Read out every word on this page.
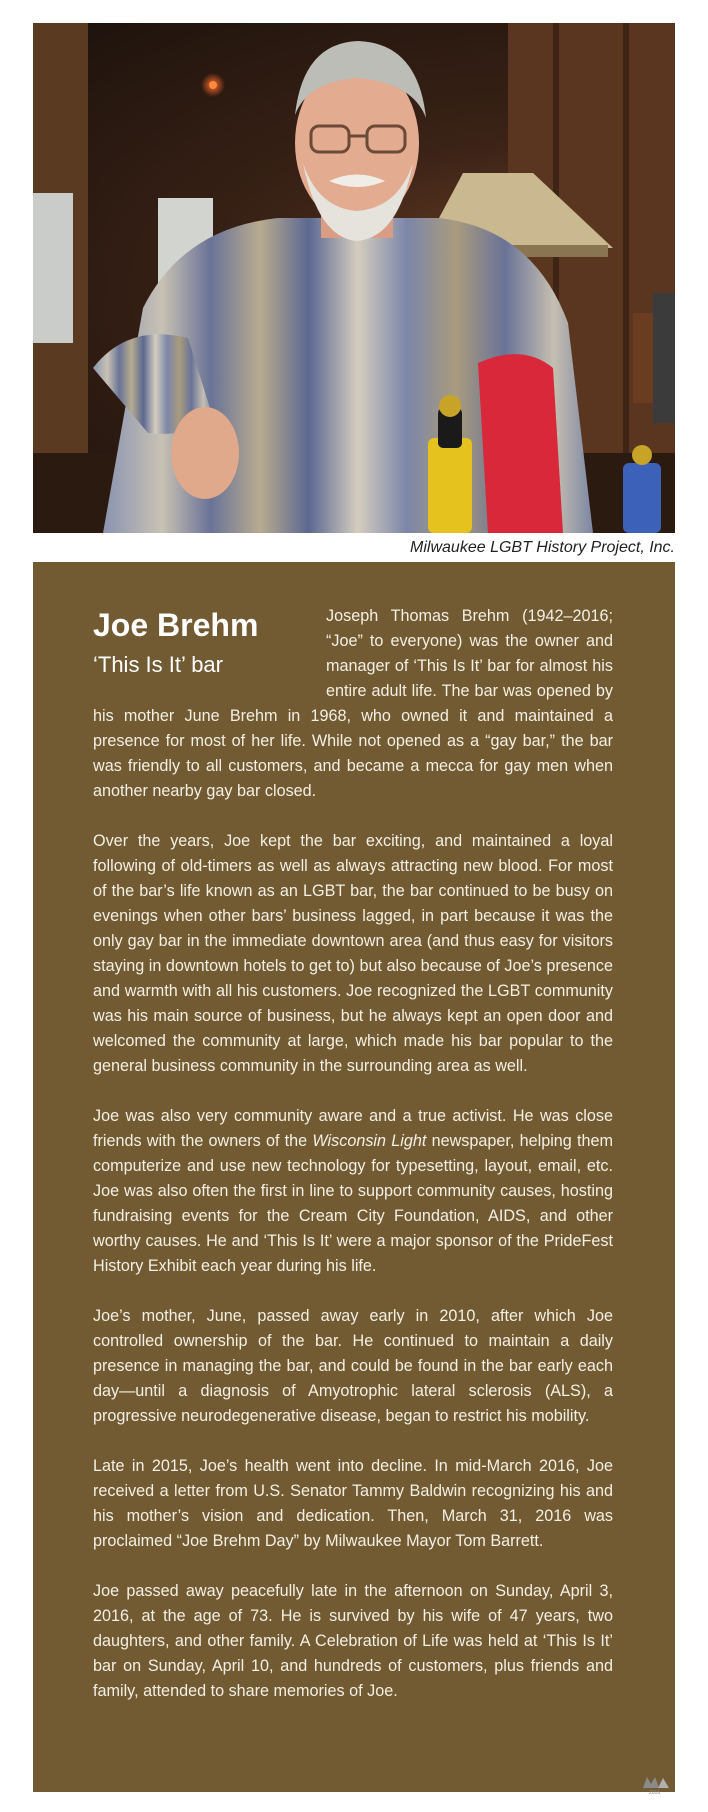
Milwaukee LGBT History Project, Inc.
Joe Brehm
‘This Is It’ bar

Joseph Thomas Brehm (1942–2016; “Joe” to everyone) was the owner and manager of ‘This Is It’ bar for almost his entire adult life. The bar was opened by his mother June Brehm in 1968, who owned it and maintained a presence for most of her life. While not opened as a “gay bar,” the bar was friendly to all customers, and became a mecca for gay men when another nearby gay bar closed.

Over the years, Joe kept the bar exciting, and maintained a loyal following of old-timers as well as always attracting new blood. For most of the bar’s life known as an LGBT bar, the bar continued to be busy on evenings when other bars’ business lagged, in part because it was the only gay bar in the immediate downtown area (and thus easy for visitors staying in downtown hotels to get to) but also because of Joe’s presence and warmth with all his customers. Joe recognized the LGBT community was his main source of business, but he always kept an open door and welcomed the community at large, which made his bar popular to the general business community in the surrounding area as well.

Joe was also very community aware and a true activist. He was close friends with the owners of the Wisconsin Light newspaper, helping them computerize and use new technology for typesetting, layout, email, etc. Joe was also often the first in line to support community causes, hosting fundraising events for the Cream City Foundation, AIDS, and other worthy causes. He and ‘This Is It’ were a major sponsor of the PrideFest History Exhibit each year during his life.

Joe’s mother, June, passed away early in 2010, after which Joe controlled ownership of the bar. He continued to maintain a daily presence in managing the bar, and could be found in the bar early each day—until a diagnosis of Amyotrophic lateral sclerosis (ALS), a progressive neurodegenerative disease, began to restrict his mobility.

Late in 2015, Joe’s health went into decline. In mid-March 2016, Joe received a letter from U.S. Senator Tammy Baldwin recognizing his and his mother’s vision and dedication. Then, March 31, 2016 was proclaimed “Joe Brehm Day” by Milwaukee Mayor Tom Barrett.

Joe passed away peacefully late in the afternoon on Sunday, April 3, 2016, at the age of 73. He is survived by his wife of 47 years, two daughters, and other family. A Celebration of Life was held at ‘This Is It’ bar on Sunday, April 10, and hundreds of customers, plus friends and family, attended to share memories of Joe.

2016
